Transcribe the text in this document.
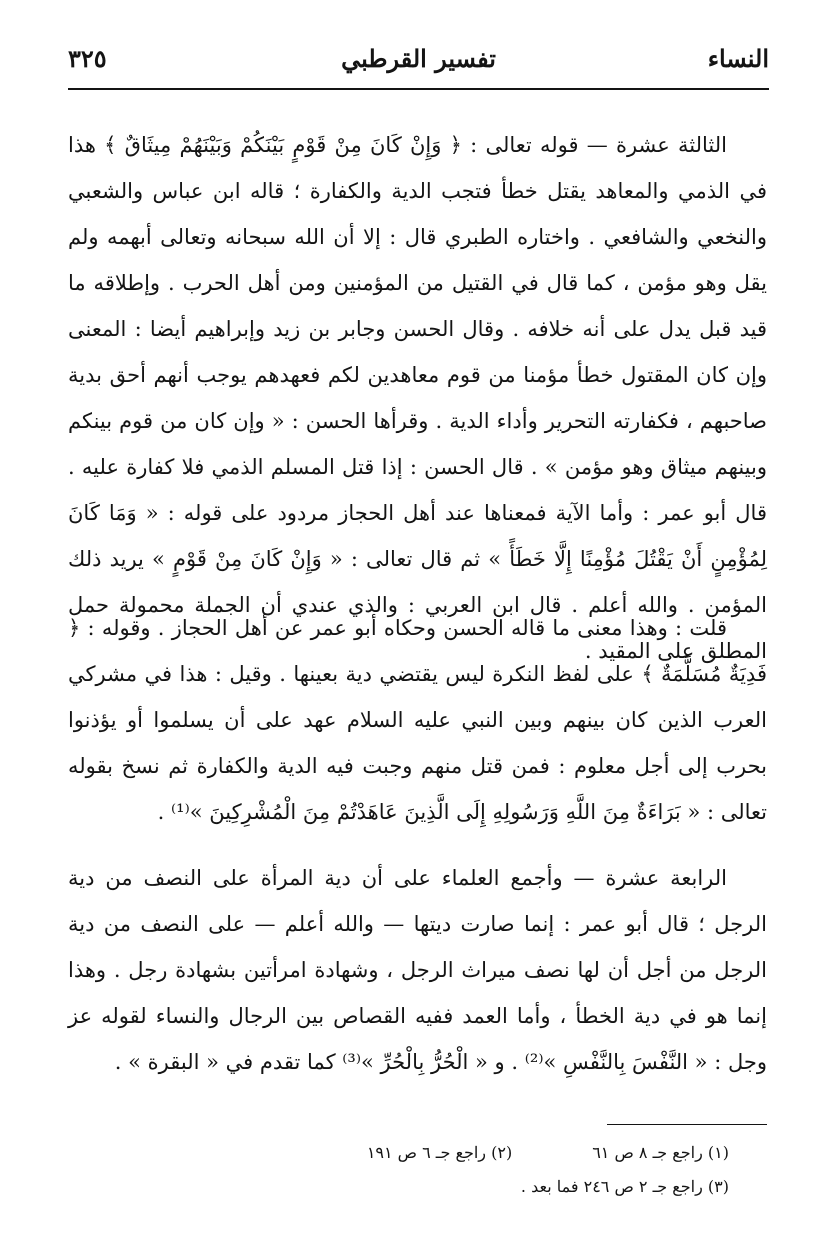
النساء
تفسير القرطبي
٣٢٥

الثالثة عشرة — قوله تعالى : ﴿ وَإِنْ كَانَ مِنْ قَوْمٍ بَيْنَكُمْ وَبَيْنَهُمْ مِيثَاقٌ ﴾ هذا في الذمي والمعاهد يقتل خطأ فتجب الدية والكفارة ؛ قاله ابن عباس والشعبي والنخعي والشافعي . واختاره الطبري قال : إلا أن الله سبحانه وتعالى أبهمه ولم يقل وهو مؤمن ، كما قال في القتيل من المؤمنين ومن أهل الحرب . وإطلاقه ما قيد قبل يدل على أنه خلافه . وقال الحسن وجابر بن زيد وإبراهيم أيضا : المعنى وإن كان المقتول خطأ مؤمنا من قوم معاهدين لكم فعهدهم يوجب أنهم أحق بدية صاحبهم ، فكفارته التحرير وأداء الدية . وقرأها الحسن : « وإن كان من قوم بينكم وبينهم ميثاق وهو مؤمن » . قال الحسن : إذا قتل المسلم الذمي فلا كفارة عليه . قال أبو عمر : وأما الآية فمعناها عند أهل الحجاز مردود على قوله : « وَمَا كَانَ لِمُؤْمِنٍ أَنْ يَقْتُلَ مُؤْمِنًا إِلَّا خَطَأً » ثم قال تعالى : « وَإِنْ كَانَ مِنْ قَوْمٍ » يريد ذلك المؤمن . والله أعلم . قال ابن العربي : والذي عندي أن الجملة محمولة حمل المطلق على المقيد .

قلت : وهذا معنى ما قاله الحسن وحكاه أبو عمر عن أهل الحجاز . وقوله : ﴿ فَدِيَةٌ مُسَلَّمَةٌ ﴾ على لفظ النكرة ليس يقتضي دية بعينها . وقيل : هذا في مشركي العرب الذين كان بينهم وبين النبي عليه السلام عهد على أن يسلموا أو يؤذنوا بحرب إلى أجل معلوم : فمن قتل منهم وجبت فيه الدية والكفارة ثم نسخ بقوله تعالى : « بَرَاءَةٌ مِنَ اللَّهِ وَرَسُولِهِ إِلَى الَّذِينَ عَاهَدْتُمْ مِنَ الْمُشْرِكِينَ »⁽¹⁾ .

الرابعة عشرة — وأجمع العلماء على أن دية المرأة على النصف من دية الرجل ؛ قال أبو عمر : إنما صارت ديتها — والله أعلم — على النصف من دية الرجل من أجل أن لها نصف ميراث الرجل ، وشهادة امرأتين بشهادة رجل . وهذا إنما هو في دية الخطأ ، وأما العمد ففيه القصاص بين الرجال والنساء لقوله عز وجل : « النَّفْسَ بِالنَّفْسِ »⁽²⁾ . و « الْحُرُّ بِالْحُرِّ »⁽³⁾ كما تقدم في « البقرة » .

(١) راجع جـ ٨ ص ٦١
(٢) راجع جـ ٦ ص ١٩١
(٣) راجع جـ ٢ ص ٢٤٦ فما بعد .
